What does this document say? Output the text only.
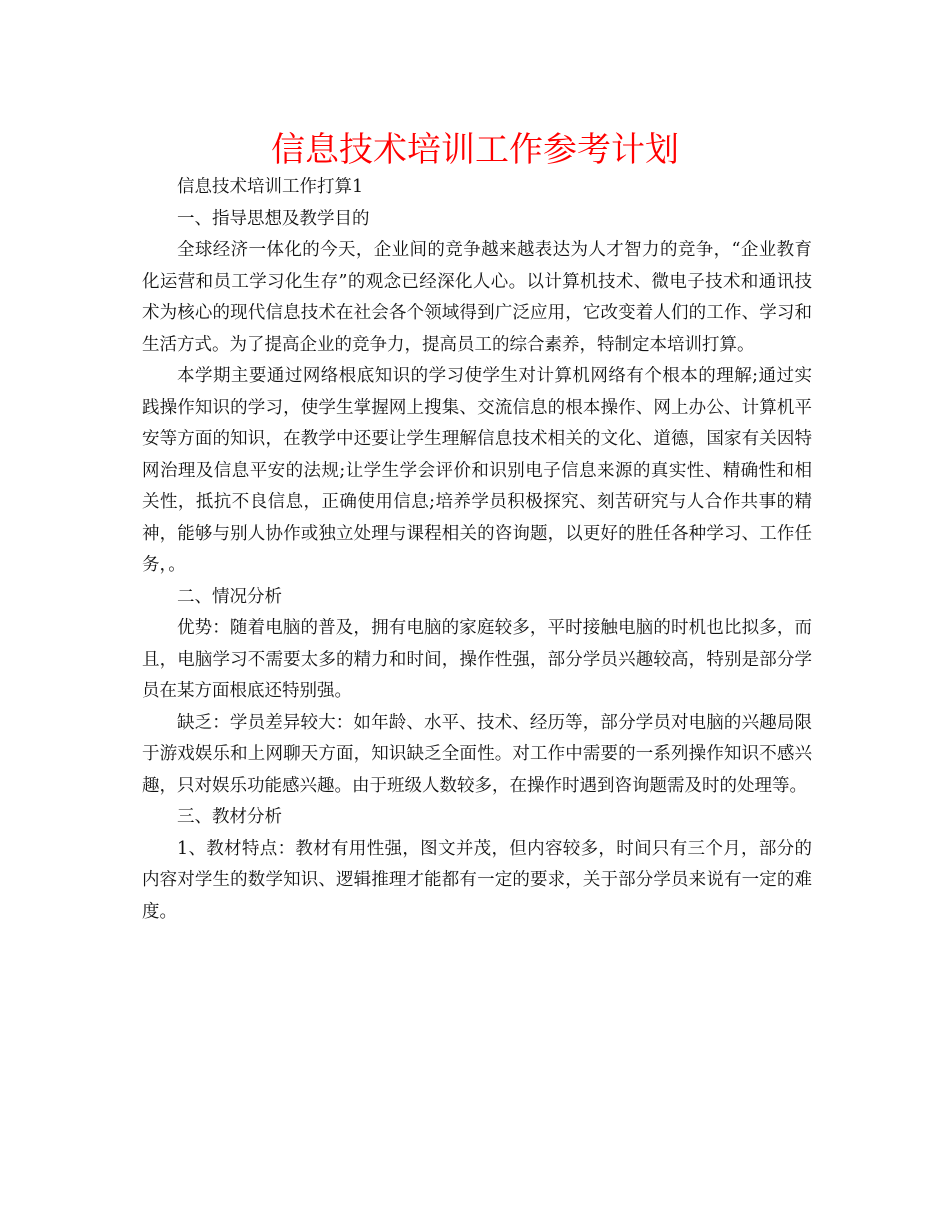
信息技术培训工作参考计划

信息技术培训工作打算1

一、指导思想及教学目的

全球经济一体化的今天，企业间的竞争越来越表达为人才智力的竞争，“企业教育化运营和员工学习化生存”的观念已经深化人心。以计算机技术、微电子技术和通讯技术为核心的现代信息技术在社会各个领域得到广泛应用，它改变着人们的工作、学习和生活方式。为了提高企业的竞争力，提高员工的综合素养，特制定本培训打算。

本学期主要通过网络根底知识的学习使学生对计算机网络有个根本的理解;通过实践操作知识的学习，使学生掌握网上搜集、交流信息的根本操作、网上办公、计算机平安等方面的知识，在教学中还要让学生理解信息技术相关的文化、道德，国家有关因特网治理及信息平安的法规;让学生学会评价和识别电子信息来源的真实性、精确性和相关性，抵抗不良信息，正确使用信息;培养学员积极探究、刻苦研究与人合作共事的精神，能够与别人协作或独立处理与课程相关的咨询题，以更好的胜任各种学习、工作任务，。

二、情况分析

优势：随着电脑的普及，拥有电脑的家庭较多，平时接触电脑的时机也比拟多，而且，电脑学习不需要太多的精力和时间，操作性强，部分学员兴趣较高，特别是部分学员在某方面根底还特别强。

缺乏：学员差异较大：如年龄、水平、技术、经历等，部分学员对电脑的兴趣局限于游戏娱乐和上网聊天方面，知识缺乏全面性。对工作中需要的一系列操作知识不感兴趣，只对娱乐功能感兴趣。由于班级人数较多，在操作时遇到咨询题需及时的处理等。

三、教材分析

1、教材特点：教材有用性强，图文并茂，但内容较多，时间只有三个月，部分的内容对学生的数学知识、逻辑推理才能都有一定的要求，关于部分学员来说有一定的难度。
